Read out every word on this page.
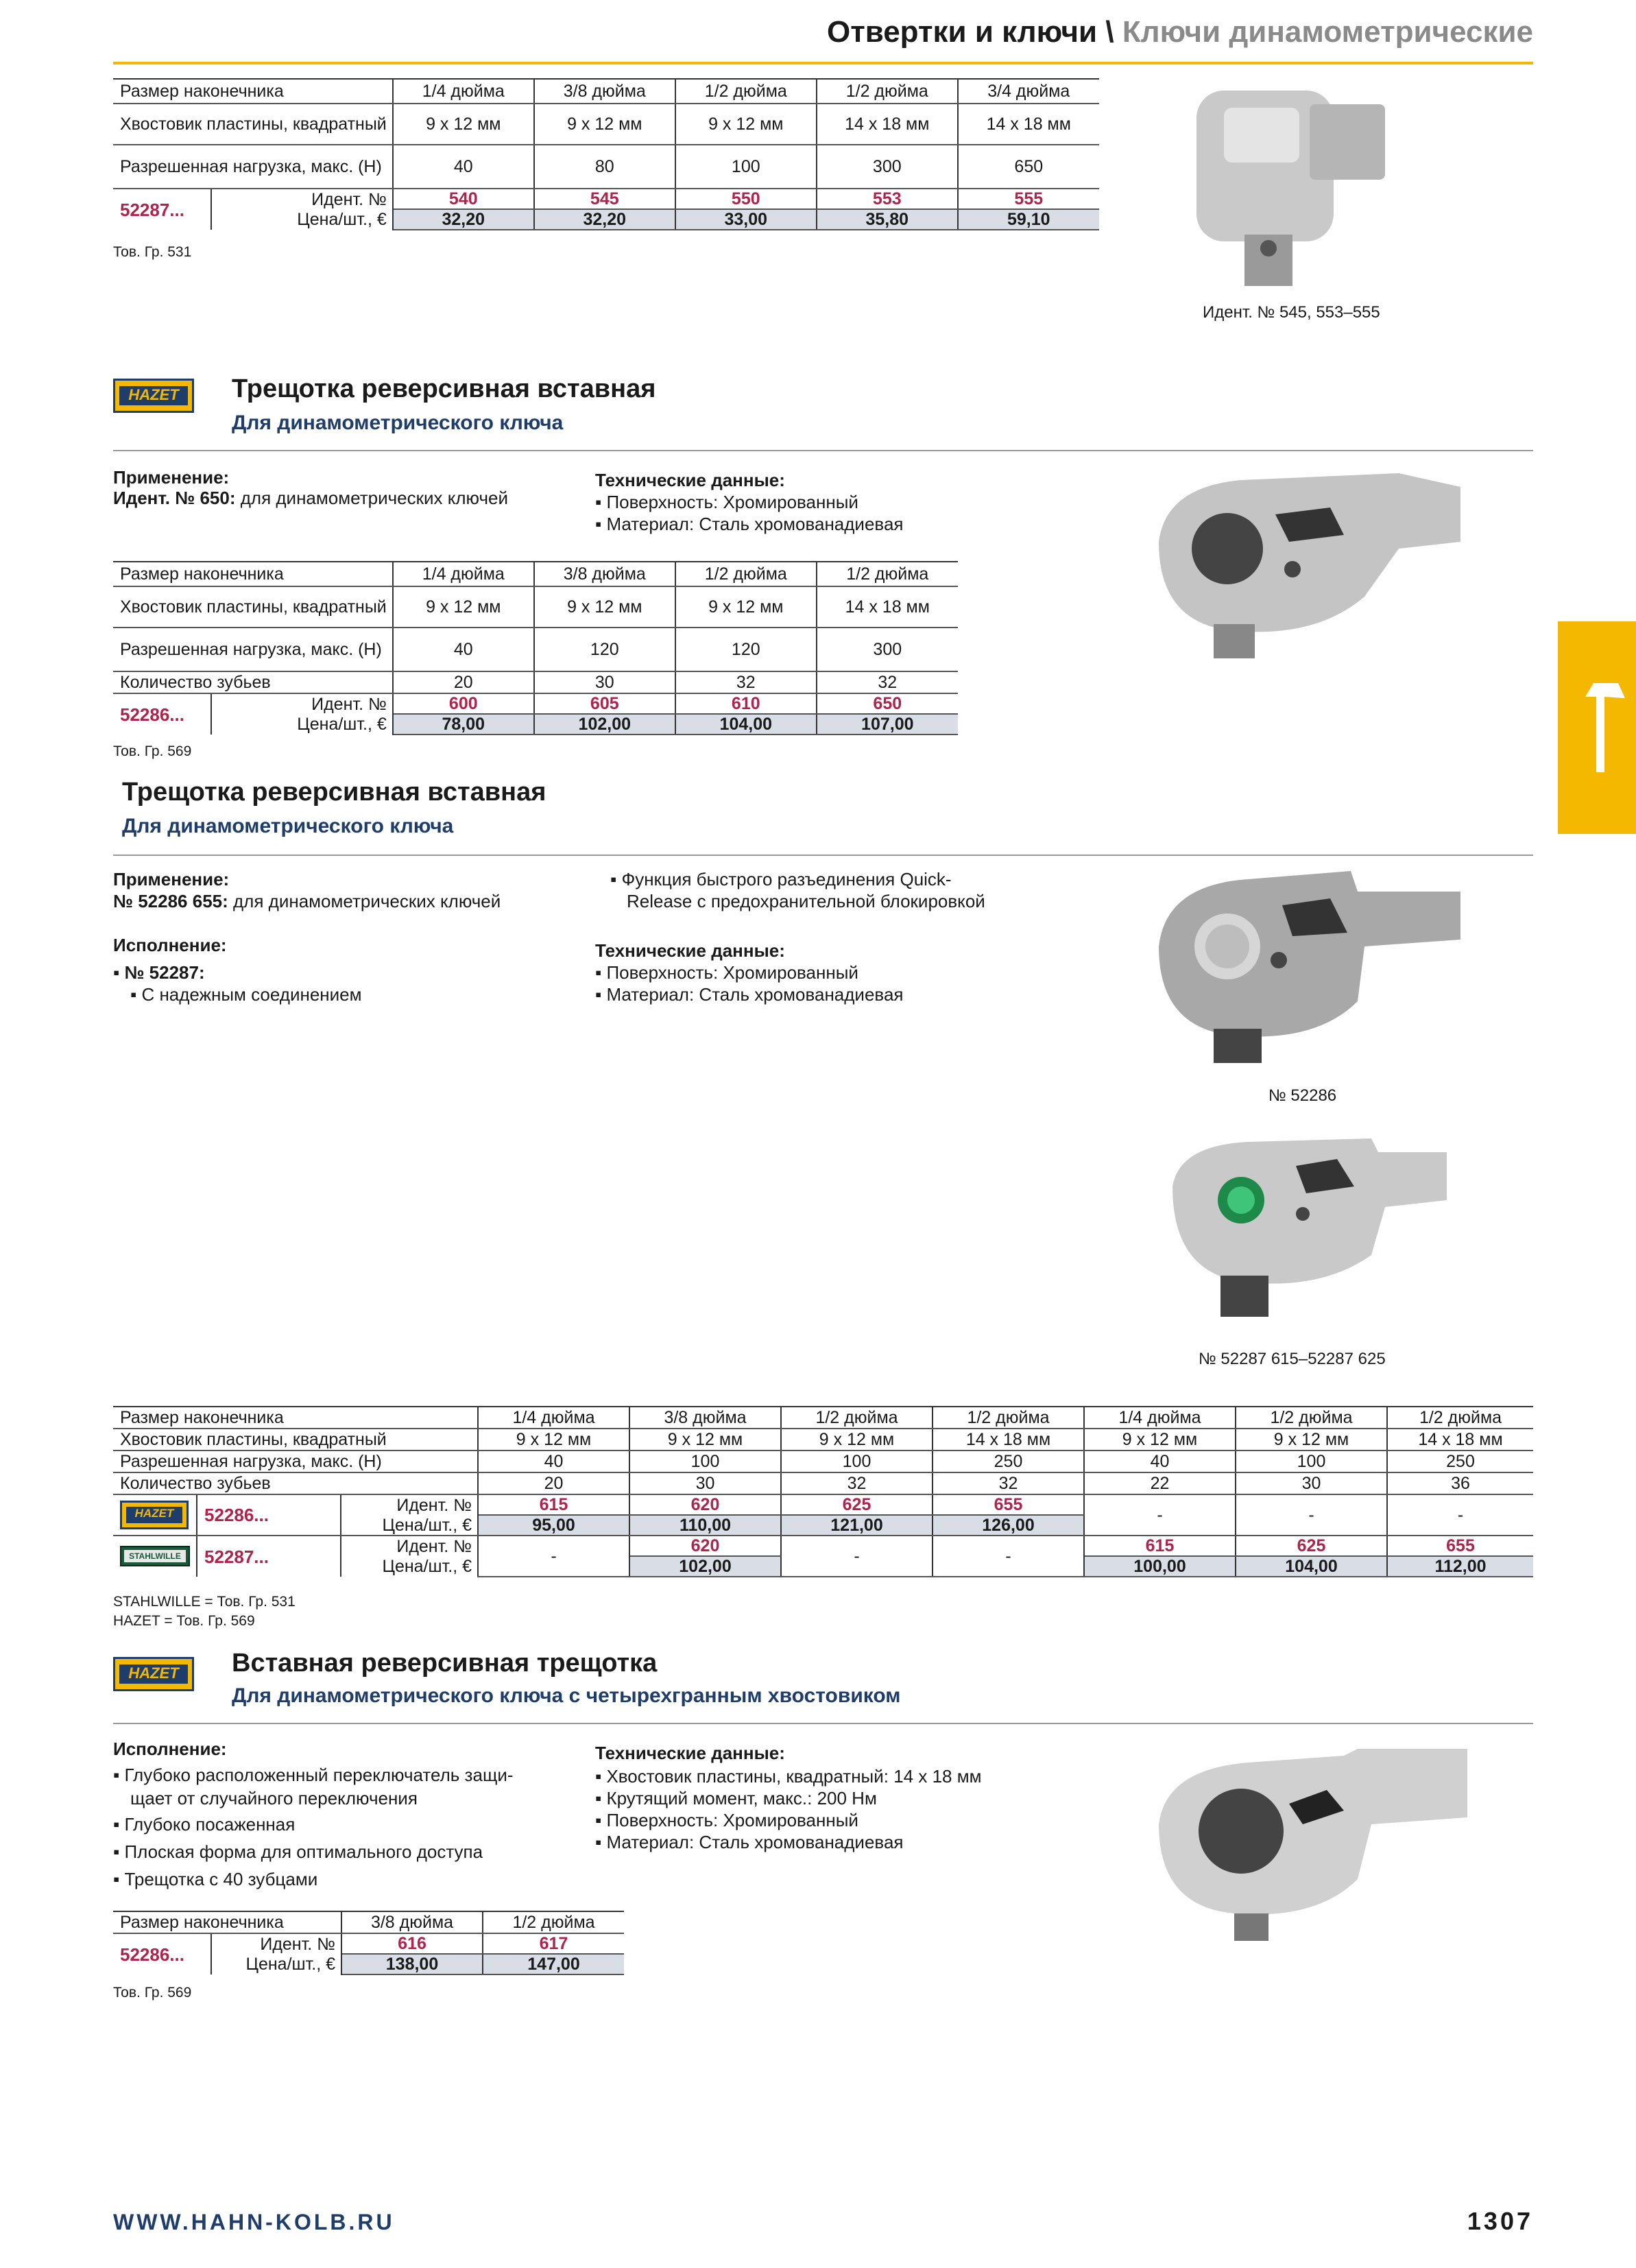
Отвертки и ключи \ Ключи динамометрические
Размер наконечника		1/4 дюйма	3/8 дюйма	1/2 дюйма	1/2 дюйма	3/4 дюйма
Хвостовик пластины, квадратный		9 x 12 мм	9 x 12 мм	9 x 12 мм	14 x 18 мм	14 x 18 мм
Разрешенная нагрузка, макс. (Н)		40	80	100	300	650
52287...	Идент. №	540	545	550	553	555
	Цена/шт., €	32,20	32,20	33,00	35,80	59,10
Тов. Гр. 531
Идент. № 545, 553–555
HAZET	Трещотка реверсивная вставная
Для динамометрического ключа
Применение:
Идент. № 650: для динамометрических ключей
Технические данные:
▪ Поверхность: Хромированный
▪ Материал: Сталь хромованадиевая
Размер наконечника		1/4 дюйма	3/8 дюйма	1/2 дюйма	1/2 дюйма
Хвостовик пластины, квадратный		9 x 12 мм	9 x 12 мм	9 x 12 мм	14 x 18 мм
Разрешенная нагрузка, макс. (Н)		40	120	120	300
Количество зубьев		20	30	32	32
52286...	Идент. №	600	605	610	650
	Цена/шт., €	78,00	102,00	104,00	107,00
Тов. Гр. 569
Трещотка реверсивная вставная
Для динамометрического ключа
Применение:
№ 52286 655: для динамометрических ключей
Исполнение:
▪ № 52287:
▪ С надежным соединением
▪ Функция быстрого разъединения Quick-
Release с предохранительной блокировкой
Технические данные:
▪ Поверхность: Хромированный
▪ Материал: Сталь хромованадиевая
№ 52286
№ 52287 615–52287 625
Размер наконечника			1/4 дюйма	3/8 дюйма	1/2 дюйма	1/2 дюйма	1/4 дюйма	1/2 дюйма	1/2 дюйма
Хвостовик пластины, квадратный			9 x 12 мм	9 x 12 мм	9 x 12 мм	14 x 18 мм	9 x 12 мм	9 x 12 мм	14 x 18 мм
Разрешенная нагрузка, макс. (Н)			40	100	100	250	40	100	250
Количество зубьев			20	30	32	32	22	30	36

HAZET	52286...	Идент. №	615	620	625	655	-	-	-
		Цена/шт., €	95,00	110,00	121,00	126,00			

STAHLWILLE	52287...	Идент. №	-	620	-	-	615	625	655
		Цена/шт., €		102,00			100,00	104,00	112,00
STAHLWILLE = Тов. Гр. 531
HAZET = Тов. Гр. 569
HAZET	Вставная реверсивная трещотка
Для динамометрического ключа с четырехгранным хвостовиком
Исполнение:
▪ Глубоко расположенный переключатель защи-
щает от случайного переключения
▪ Глубоко посаженная
▪ Плоская форма для оптимального доступа
▪ Трещотка с 40 зубцами
Технические данные:
▪ Хвостовик пластины, квадратный: 14 x 18 мм
▪ Крутящий момент, макс.: 200 Нм
▪ Поверхность: Хромированный
▪ Материал: Сталь хромованадиевая
Размер наконечника		3/8 дюйма	1/2 дюйма
52286...	Идент. №	616	617
	Цена/шт., €	138,00	147,00
Тов. Гр. 569
WWW.HAHN-KOLB.RU	1307
